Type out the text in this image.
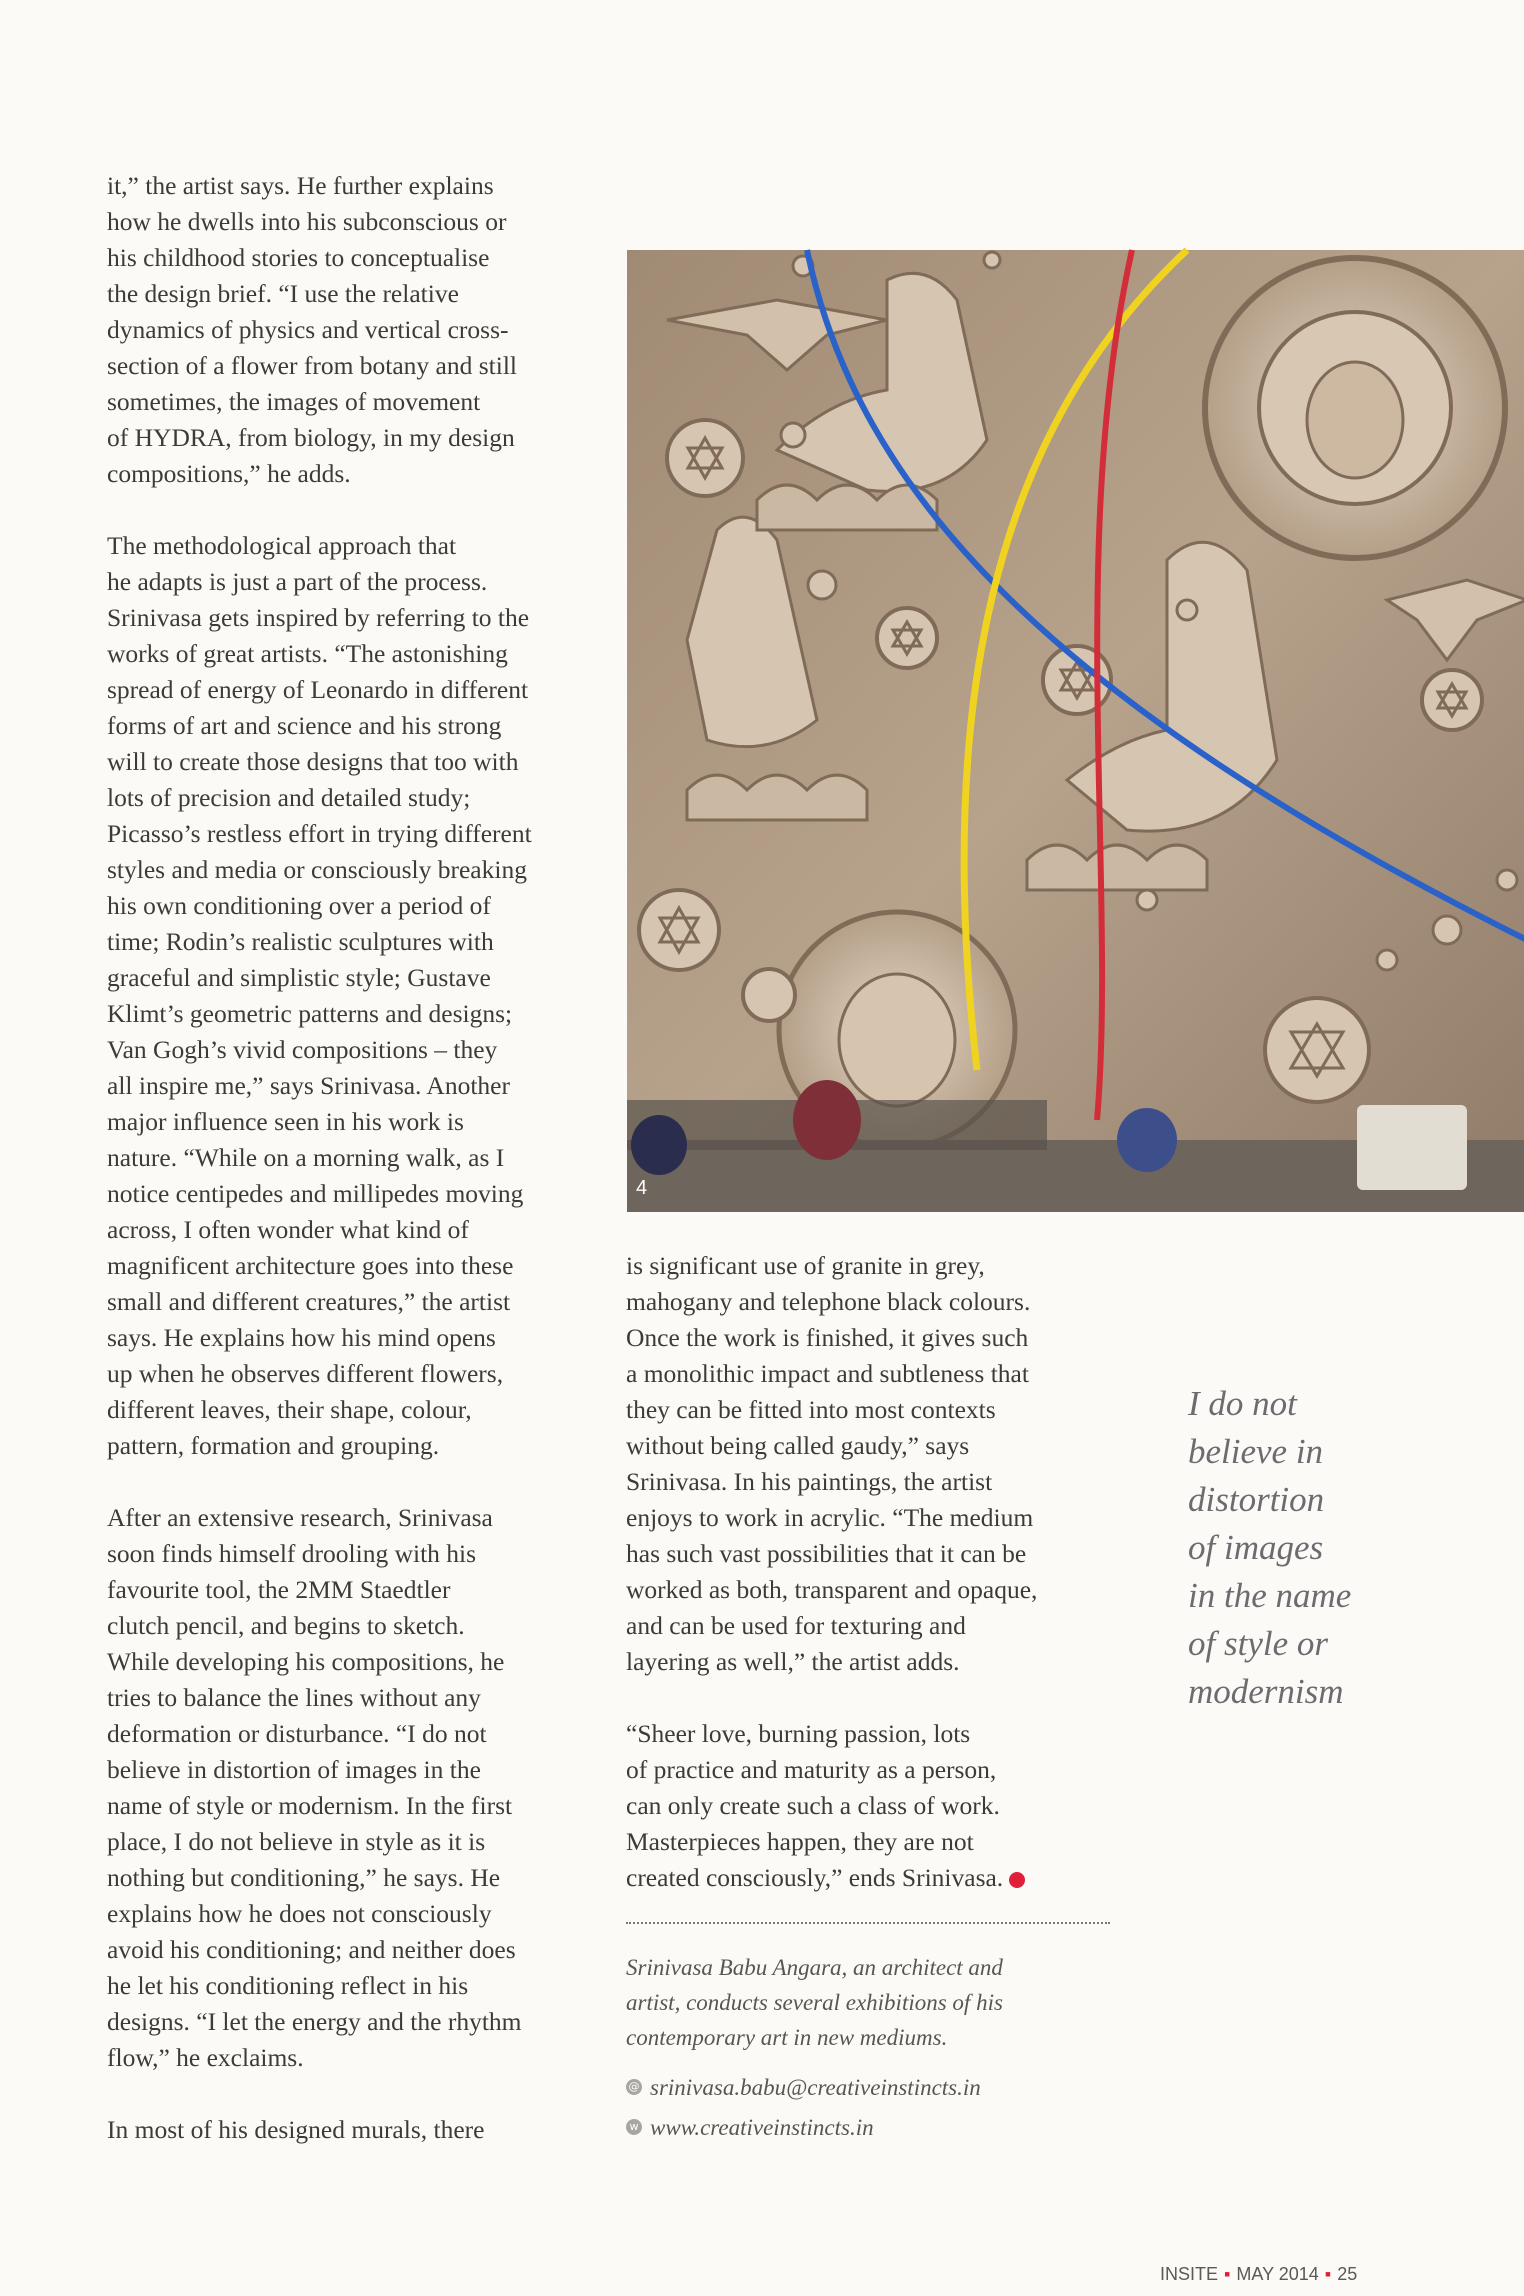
it,” the artist says. He further explains
how he dwells into his subconscious or
his childhood stories to conceptualise
the design brief. “I use the relative
dynamics of physics and vertical cross-
section of a flower from botany and still
sometimes, the images of movement
of HYDRA, from biology, in my design
compositions,” he adds.

The methodological approach that
he adapts is just a part of the process.
Srinivasa gets inspired by referring to the
works of great artists. “The astonishing
spread of energy of Leonardo in different
forms of art and science and his strong
will to create those designs that too with
lots of precision and detailed study;
Picasso’s restless effort in trying different
styles and media or consciously breaking
his own conditioning over a period of
time; Rodin’s realistic sculptures with
graceful and simplistic style; Gustave
Klimt’s geometric patterns and designs;
Van Gogh’s vivid compositions – they
all inspire me,” says Srinivasa. Another
major influence seen in his work is
nature. “While on a morning walk, as I
notice centipedes and millipedes moving
across, I often wonder what kind of
magnificent architecture goes into these
small and different creatures,” the artist
says. He explains how his mind opens
up when he observes different flowers,
different leaves, their shape, colour,
pattern, formation and grouping.

After an extensive research, Srinivasa
soon finds himself drooling with his
favourite tool, the 2MM Staedtler
clutch pencil, and begins to sketch.
While developing his compositions, he
tries to balance the lines without any
deformation or disturbance. “I do not
believe in distortion of images in the
name of style or modernism. In the first
place, I do not believe in style as it is
nothing but conditioning,” he says. He
explains how he does not consciously
avoid his conditioning; and neither does
he let his conditioning reflect in his
designs. “I let the energy and the rhythm
flow,” he exclaims.

In most of his designed murals, there

4

is significant use of granite in grey,
mahogany and telephone black colours.
Once the work is finished, it gives such
a monolithic impact and subtleness that
they can be fitted into most contexts
without being called gaudy,” says
Srinivasa. In his paintings, the artist
enjoys to work in acrylic. “The medium
has such vast possibilities that it can be
worked as both, transparent and opaque,
and can be used for texturing and
layering as well,” the artist adds.

“Sheer love, burning passion, lots
of practice and maturity as a person,
can only create such a class of work.
Masterpieces happen, they are not
created consciously,” ends Srinivasa.

Srinivasa Babu Angara, an architect and
artist, conducts several exhibitions of his
contemporary art in new mediums.
@ srinivasa.babu@creativeinstincts.in
w www.creativeinstincts.in
I do not
believe in
distortion
of images
in the name
of style or
modernism
INSITE ▪ MAY 2014 ▪ 25
